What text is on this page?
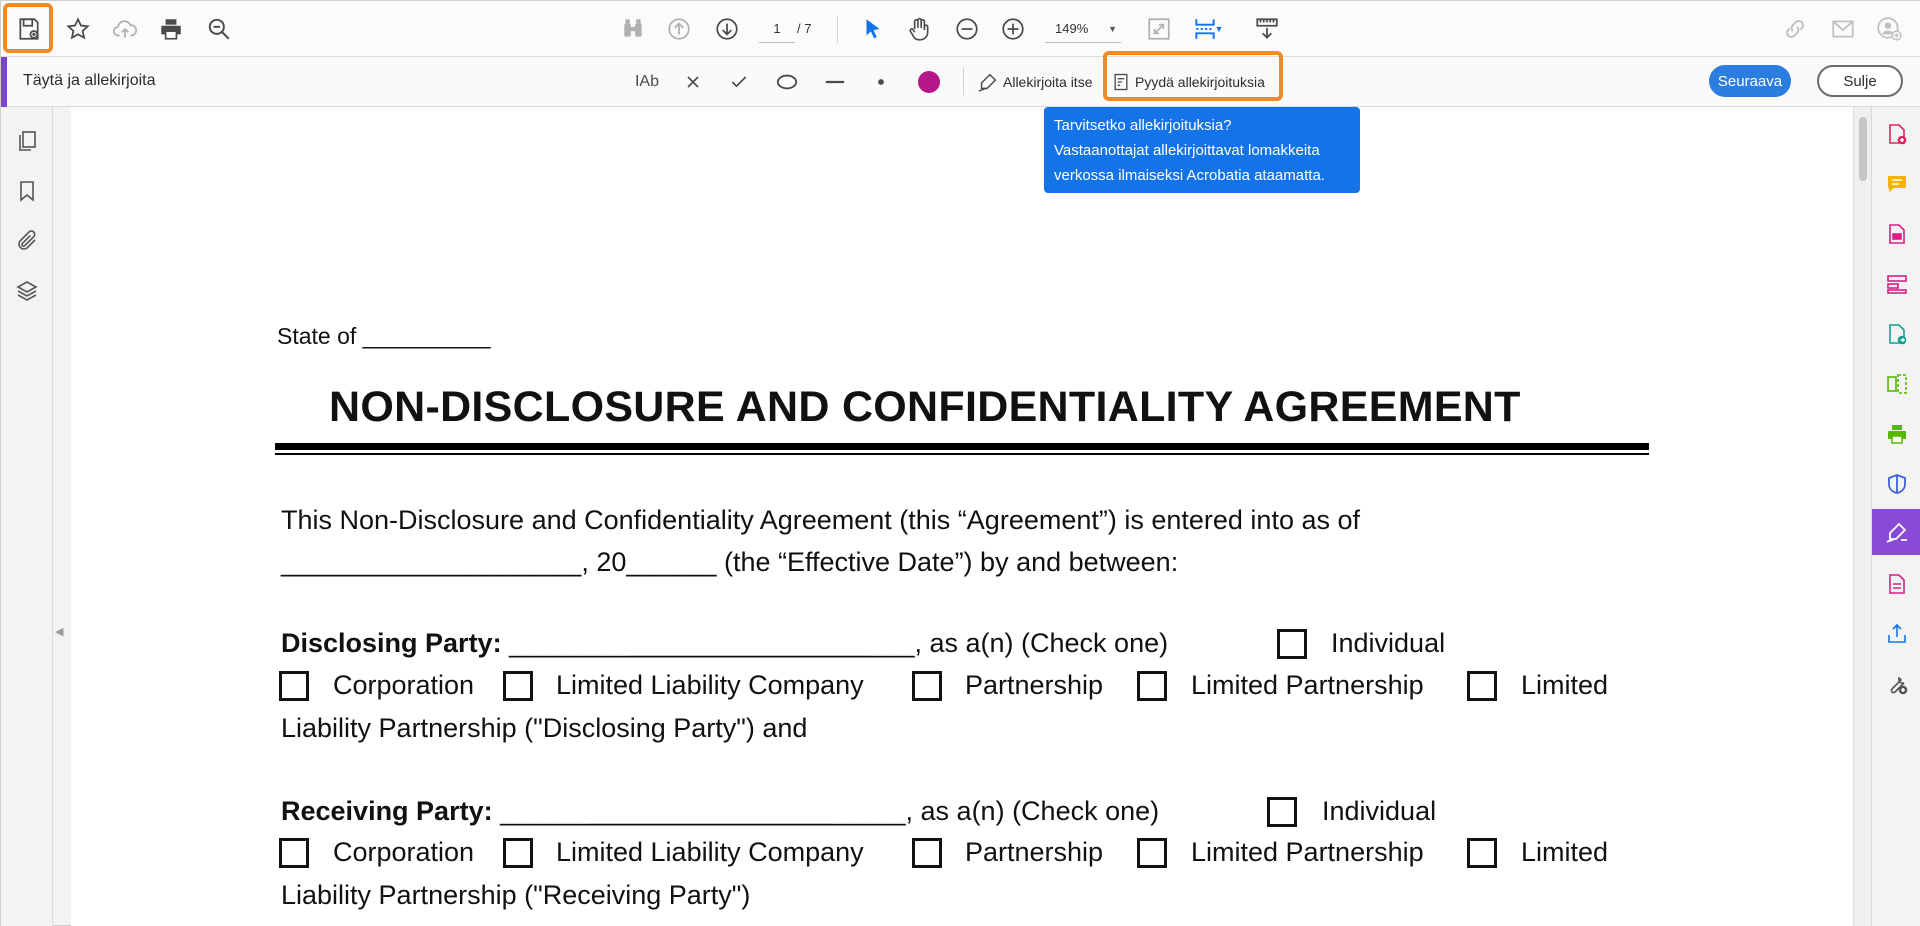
1	/ 7	149% ▼	▼
Täytä ja allekirjoita	IAb	Allekirjoita itse	Pyydä allekirjoituksia	Seuraava	Sulje
◀
State of __________
NON-DISCLOSURE AND CONFIDENTIALITY AGREEMENT
This Non-Disclosure and Confidentiality Agreement (this “Agreement”) is entered into as of
____________________, 20______ (the “Effective Date”) by and between:
Disclosing Party: ___________________________, as a(n) (Check one)	Individual
Corporation	Limited Liability Company	Partnership	Limited Partnership	Limited
Liability Partnership ("Disclosing Party") and
Receiving Party: ___________________________, as a(n) (Check one)	Individual
Corporation	Limited Liability Company	Partnership	Limited Partnership	Limited
Liability Partnership ("Receiving Party")
Tarvitsetko allekirjoituksia?
Vastaanottajat allekirjoittavat lomakkeita
verkossa ilmaiseksi Acrobatia ataamatta.
